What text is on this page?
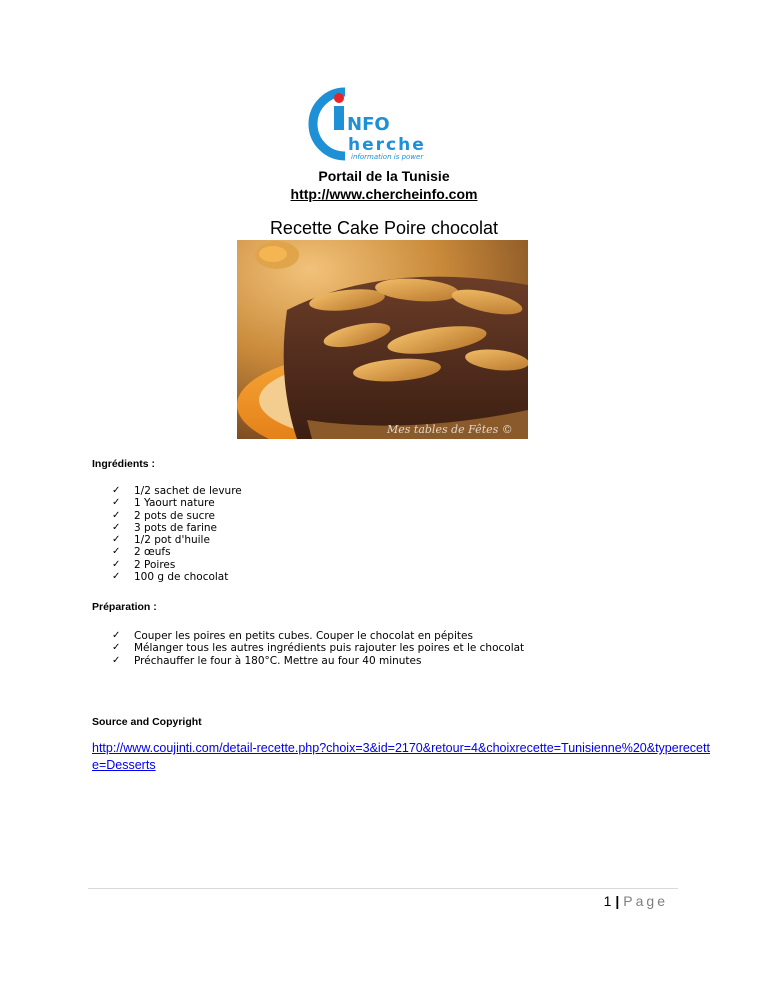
NFO
herche
information is power
Portail de la Tunisie
http://www.chercheinfo.com
Recette Cake Poire chocolat
Mes tables de Fêtes ©
Ingrédients :
✓ 1/2 sachet de levure
✓ 1 Yaourt nature
✓ 2 pots de sucre
✓ 3 pots de farine
✓ 1/2 pot d'huile
✓ 2 œufs
✓ 2 Poires
✓ 100 g de chocolat
Préparation :
✓ Couper les poires en petits cubes. Couper le chocolat en pépites
✓ Mélanger tous les autres ingrédients puis rajouter les poires et le chocolat
✓ Préchauffer le four à 180°C. Mettre au four 40 minutes
Source and Copyright
http://www.coujinti.com/detail-recette.php?choix=3&id=2170&retour=4&choixrecette=Tunisienne%20&typerecette=Desserts
1 | Page
